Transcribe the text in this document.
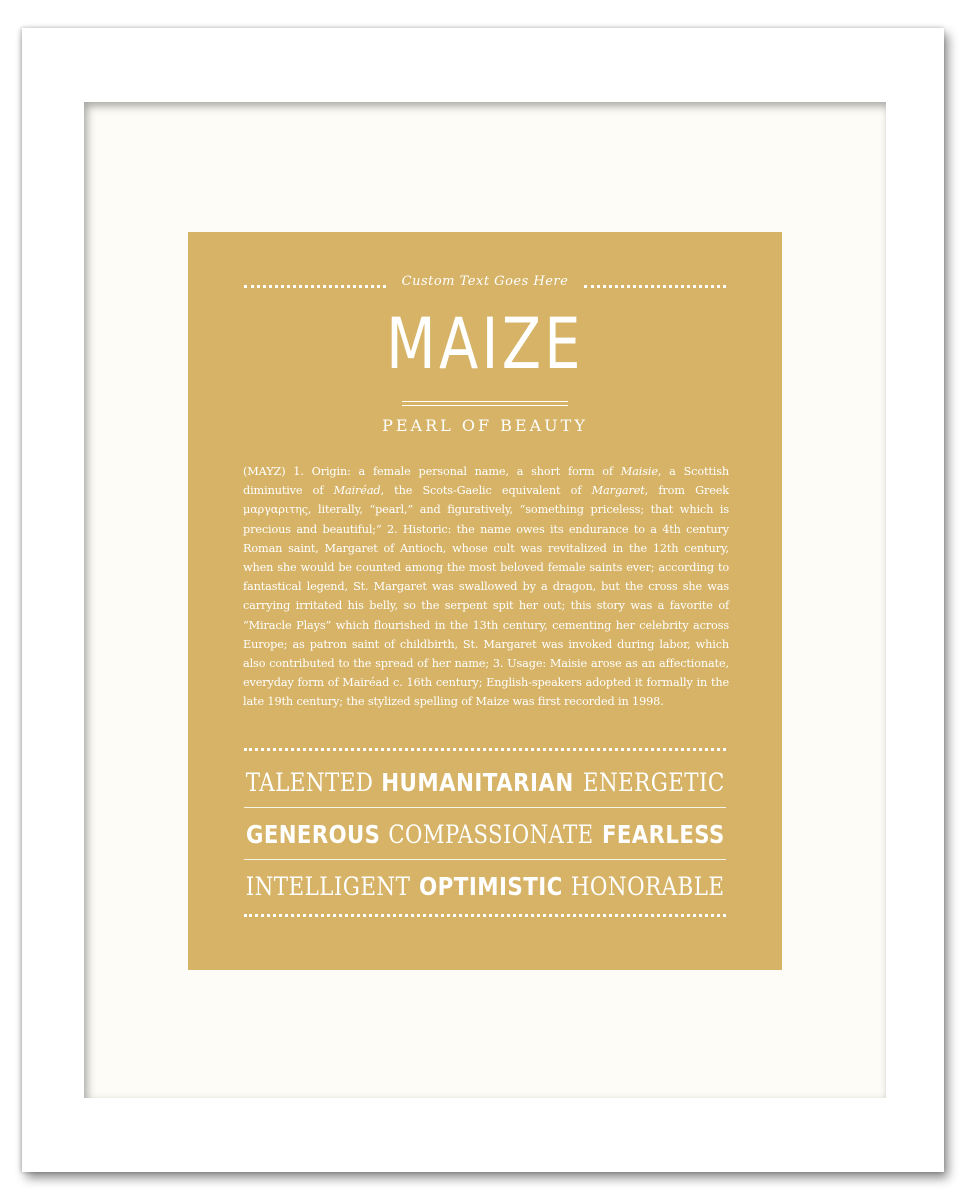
Custom Text Goes Here
MAIZE
PEARL OF BEAUTY
(MAYZ) 1. Origin: a female personal name, a short form of Maisie, a Scottish diminutive of Mairéad, the Scots-Gaelic equivalent of Margaret, from Greek μαργαριτης, literally, “pearl,” and figuratively, “something priceless; that which is precious and beautiful;” 2. Historic: the name owes its endurance to a 4th century Roman saint, Margaret of Antioch, whose cult was revitalized in the 12th century, when she would be counted among the most beloved female saints ever; according to fantastical legend, St. Margaret was swallowed by a dragon, but the cross she was carrying irritated his belly, so the serpent spit her out; this story was a favorite of “Miracle Plays” which flourished in the 13th century, cementing her celebrity across Europe; as patron saint of childbirth, St. Margaret was invoked during labor, which also contributed to the spread of her name; 3. Usage: Maisie arose as an affectionate, everyday form of Mairéad c. 16th century; English-speakers adopted it formally in the late 19th century; the stylized spelling of Maize was first recorded in 1998.
TALENTED HUMANITARIAN ENERGETIC
GENEROUS COMPASSIONATE FEARLESS
INTELLIGENT OPTIMISTIC HONORABLE
